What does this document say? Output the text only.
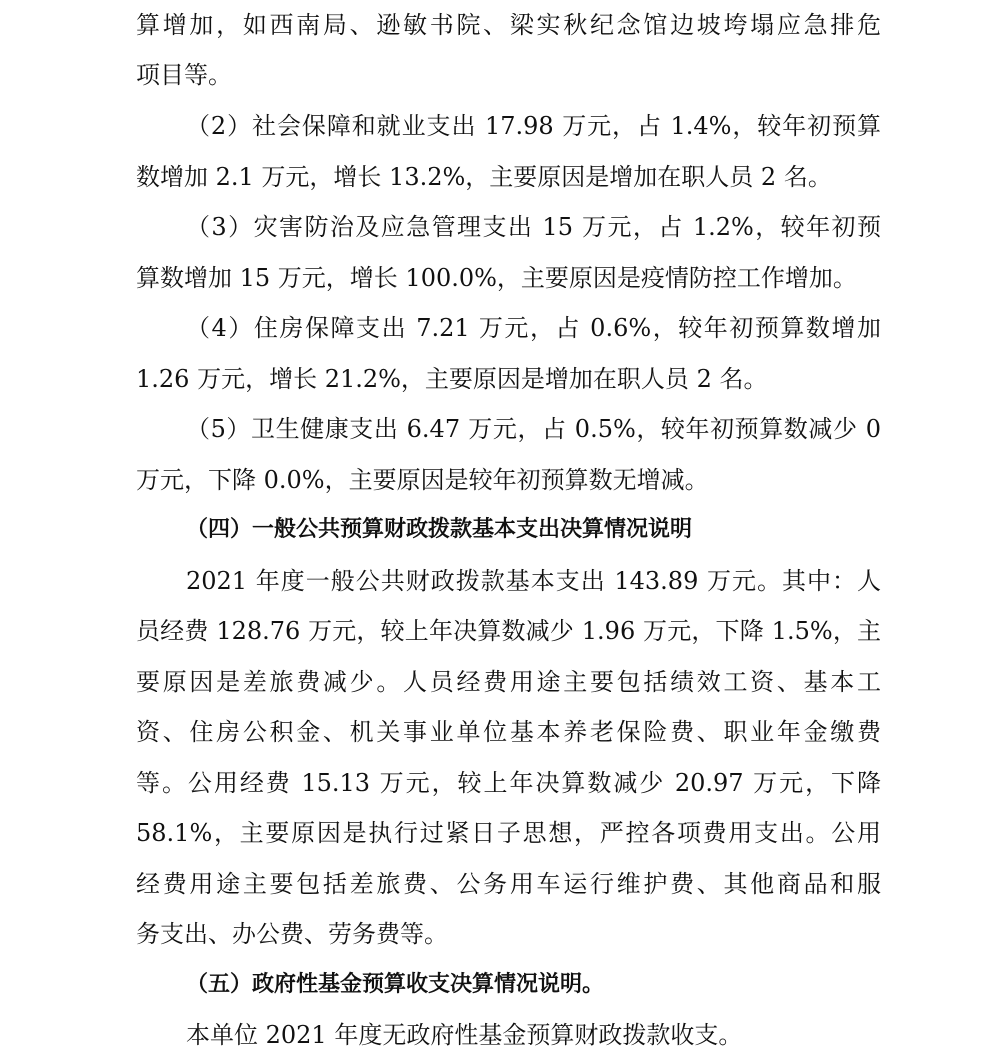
算增加，如西南局、逊敏书院、梁实秋纪念馆边坡垮塌应急排危
项目等。
（2）社会保障和就业支出 17.98 万元，占 1.4%，较年初预算
数增加 2.1 万元，增长 13.2%，主要原因是增加在职人员 2 名。
（3）灾害防治及应急管理支出 15 万元，占 1.2%，较年初预
算数增加 15 万元，增长 100.0%，主要原因是疫情防控工作增加。
（4）住房保障支出 7.21 万元，占 0.6%，较年初预算数增加
1.26 万元，增长 21.2%，主要原因是增加在职人员 2 名。
（5）卫生健康支出 6.47 万元，占 0.5%，较年初预算数减少 0
万元，下降 0.0%，主要原因是较年初预算数无增减。
（四）一般公共预算财政拨款基本支出决算情况说明
2021 年度一般公共财政拨款基本支出 143.89 万元。其中：人
员经费 128.76 万元，较上年决算数减少 1.96 万元，下降 1.5%，主
要原因是差旅费减少。人员经费用途主要包括绩效工资、基本工
资、住房公积金、机关事业单位基本养老保险费、职业年金缴费
等。公用经费 15.13 万元，较上年决算数减少 20.97 万元，下降
58.1%，主要原因是执行过紧日子思想，严控各项费用支出。公用
经费用途主要包括差旅费、公务用车运行维护费、其他商品和服
务支出、办公费、劳务费等。
（五）政府性基金预算收支决算情况说明。
本单位 2021 年度无政府性基金预算财政拨款收支。
